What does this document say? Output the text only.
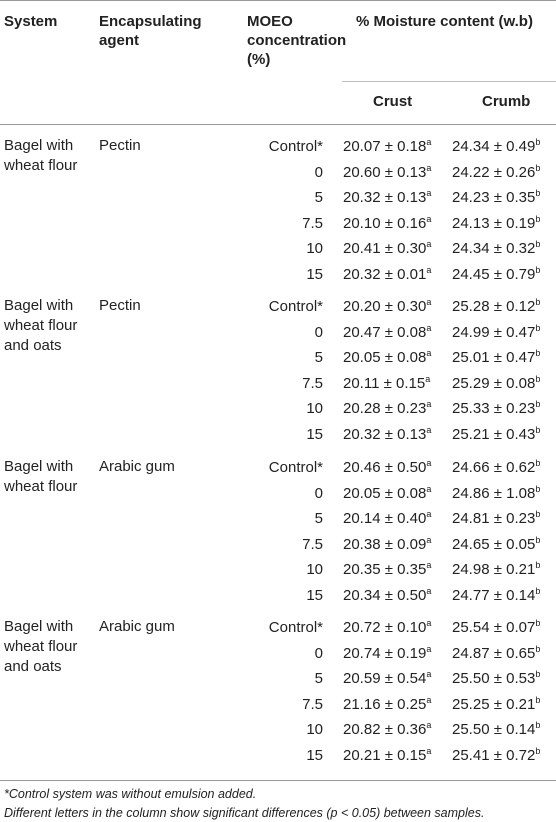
System	Encapsulating agent
MOEO concentration (%)
% Moisture content (w.b)
Crust	Crumb
Bagel with wheat flour
Pectin	Control* 20.07 ± 0.18$^a$ 24.34 ± 0.49$^b$
0 20.60 ± 0.13$^a$ 24.22 ± 0.26$^b$
5 20.32 ± 0.13$^a$ 24.23 ± 0.35$^b$
7.5 20.10 ± 0.16$^a$ 24.13 ± 0.19$^b$
10 20.41 ± 0.30$^a$ 24.34 ± 0.32$^b$
15 20.32 ± 0.01$^a$ 24.45 ± 0.79$^b$
Bagel with wheat flour and oats
Pectin	Control* 20.20 ± 0.30$^a$ 25.28 ± 0.12$^b$
0 20.47 ± 0.08$^a$ 24.99 ± 0.47$^b$
5 20.05 ± 0.08$^a$ 25.01 ± 0.47$^b$
7.5 20.11 ± 0.15$^a$ 25.29 ± 0.08$^b$
10 20.28 ± 0.23$^a$ 25.33 ± 0.23$^b$
15 20.32 ± 0.13$^a$ 25.21 ± 0.43$^b$
Bagel with wheat flour
Arabic gum	Control* 20.46 ± 0.50$^a$ 24.66 ± 0.62$^b$
0 20.05 ± 0.08$^a$ 24.86 ± 1.08$^b$
5 20.14 ± 0.40$^a$ 24.81 ± 0.23$^b$
7.5 20.38 ± 0.09$^a$ 24.65 ± 0.05$^b$
10 20.35 ± 0.35$^a$ 24.98 ± 0.21$^b$
15 20.34 ± 0.50$^a$ 24.77 ± 0.14$^b$
Bagel with wheat flour and oats
Arabic gum	Control* 20.72 ± 0.10$^a$ 25.54 ± 0.07$^b$
0 20.74 ± 0.19$^a$ 24.87 ± 0.65$^b$
5 20.59 ± 0.54$^a$ 25.50 ± 0.53$^b$
7.5 21.16 ± 0.25$^a$ 25.25 ± 0.21$^b$
10 20.82 ± 0.36$^a$ 25.50 ± 0.14$^b$
15 20.21 ± 0.15$^a$ 25.41 ± 0.72$^b$
*Control system was without emulsion added.
Different letters in the column show significant differences (p < 0.05) between samples.
